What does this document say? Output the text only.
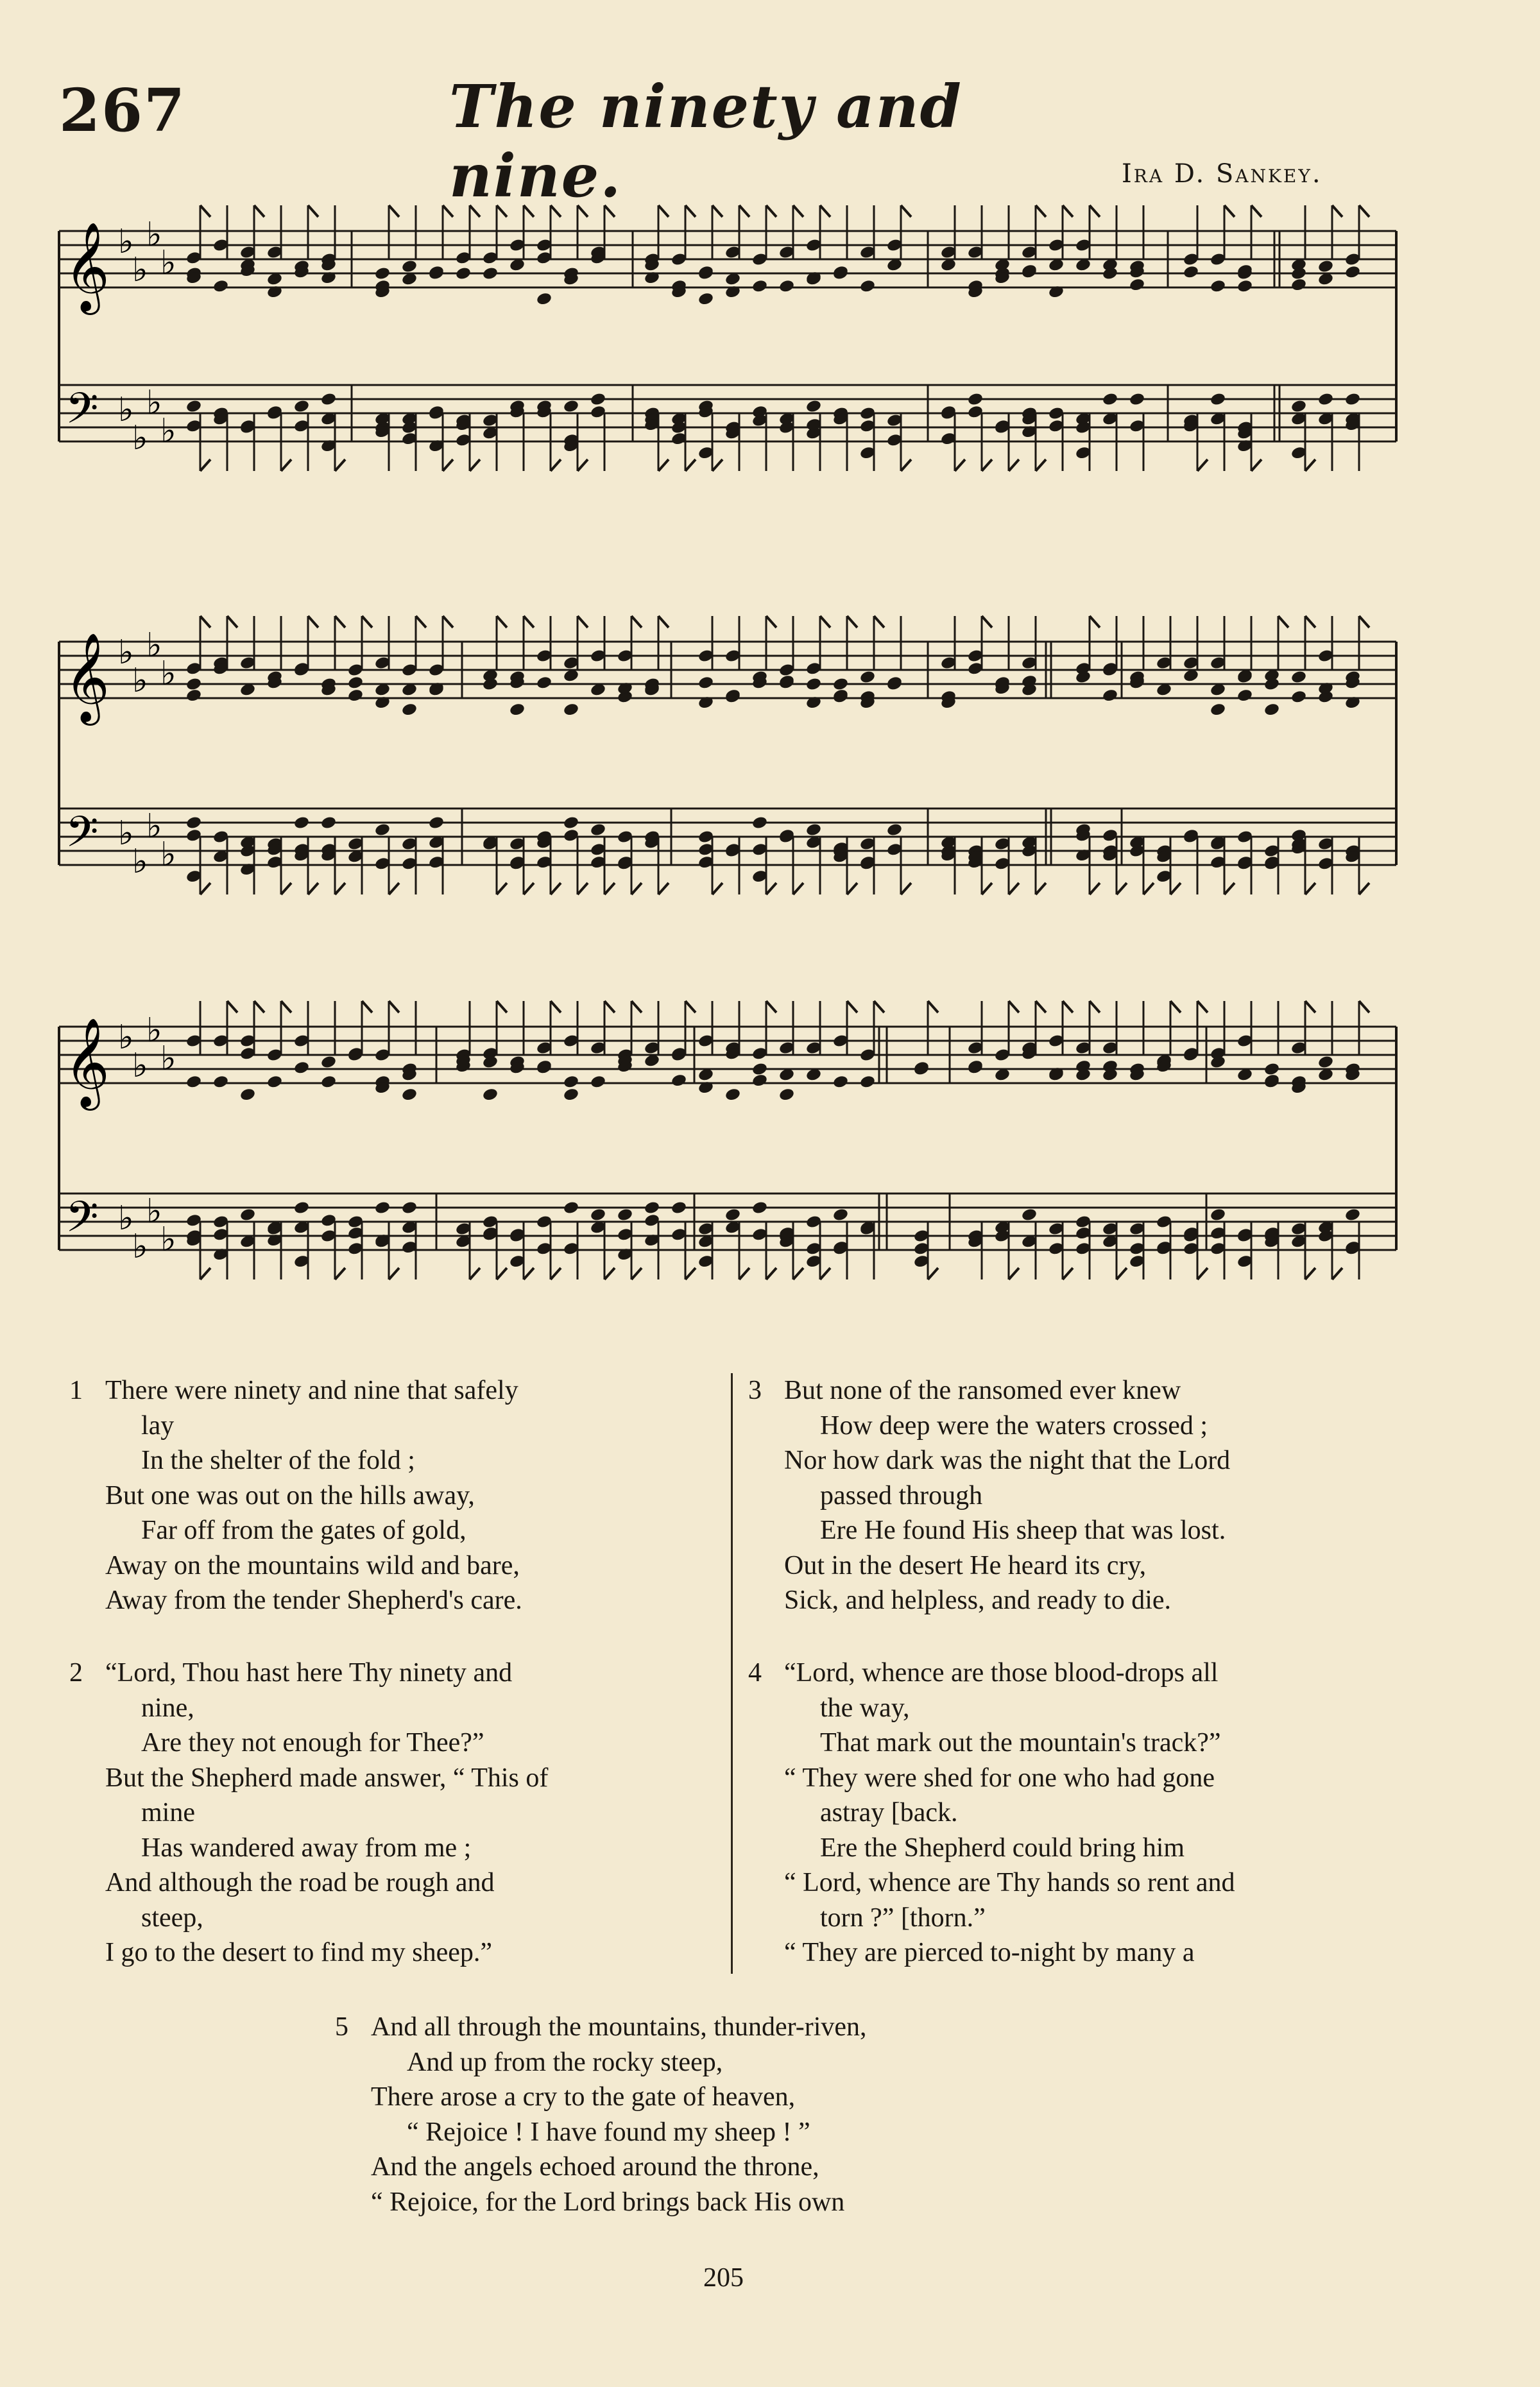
267	The ninety and nine.	Ira D. Sankey.
𝄞
𝄢
♭
♭
♭
♭
♭
♭
♭
♭
𝄞
𝄢
♭
♭
♭
♭
♭
♭
♭
♭
𝄞
𝄢
♭
♭
♭
♭
♭
♭
♭
♭
1 There were ninety and nine that safely
lay
In the shelter of the fold ;
But one was out on the hills away,
Far off from the gates of gold,
Away on the mountains wild and bare,
Away from the tender Shepherd's care.
2 “Lord, Thou hast here Thy ninety and
nine,
Are they not enough for Thee?”
But the Shepherd made answer, “ This of
mine
Has wandered away from me ;
And although the road be rough and
steep,
I go to the desert to find my sheep.”
3 But none of the ransomed ever knew
How deep were the waters crossed ;
Nor how dark was the night that the Lord
passed through
Ere He found His sheep that was lost.
Out in the desert He heard its cry,
Sick, and helpless, and ready to die.
4 “Lord, whence are those blood-drops all
the way,
That mark out the mountain's track?”
“ They were shed for one who had gone
astray [back.
Ere the Shepherd could bring him
“ Lord, whence are Thy hands so rent and
torn ?” [thorn.”
“ They are pierced to-night by many a
5 And all through the mountains, thunder-riven,
And up from the rocky steep,
There arose a cry to the gate of heaven,
“ Rejoice ! I have found my sheep ! ”
And the angels echoed around the throne,
“ Rejoice, for the Lord brings back His own
205
